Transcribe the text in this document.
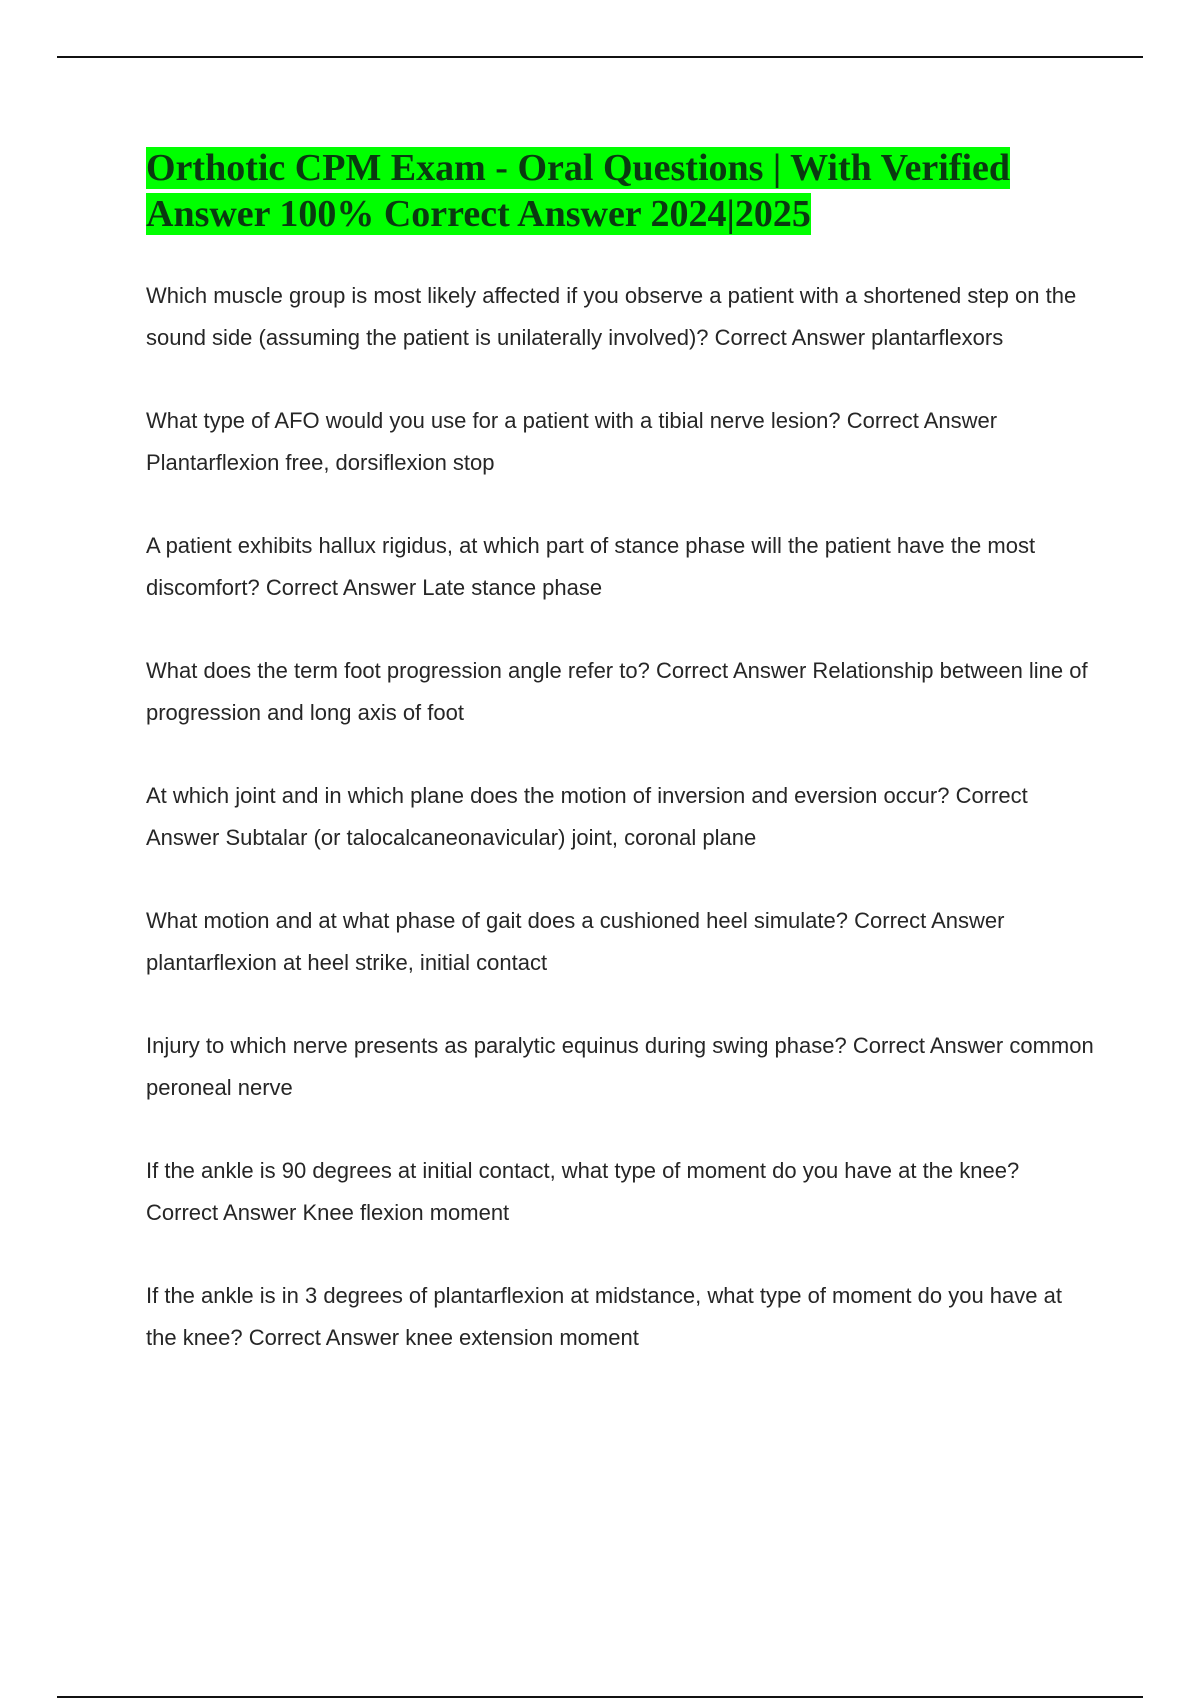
Orthotic CPM Exam - Oral Questions | With Verified Answer 100% Correct Answer 2024|2025

Which muscle group is most likely affected if you observe a patient with a shortened step on the sound side (assuming the patient is unilaterally involved)? Correct Answer plantarflexors

What type of AFO would you use for a patient with a tibial nerve lesion? Correct Answer Plantarflexion free, dorsiflexion stop

A patient exhibits hallux rigidus, at which part of stance phase will the patient have the most discomfort? Correct Answer Late stance phase

What does the term foot progression angle refer to? Correct Answer Relationship between line of progression and long axis of foot

At which joint and in which plane does the motion of inversion and eversion occur? Correct Answer Subtalar (or talocalcaneonavicular) joint, coronal plane

What motion and at what phase of gait does a cushioned heel simulate? Correct Answer plantarflexion at heel strike, initial contact

Injury to which nerve presents as paralytic equinus during swing phase? Correct Answer common peroneal nerve

If the ankle is 90 degrees at initial contact, what type of moment do you have at the knee? Correct Answer Knee flexion moment

If the ankle is in 3 degrees of plantarflexion at midstance, what type of moment do you have at the knee? Correct Answer knee extension moment
